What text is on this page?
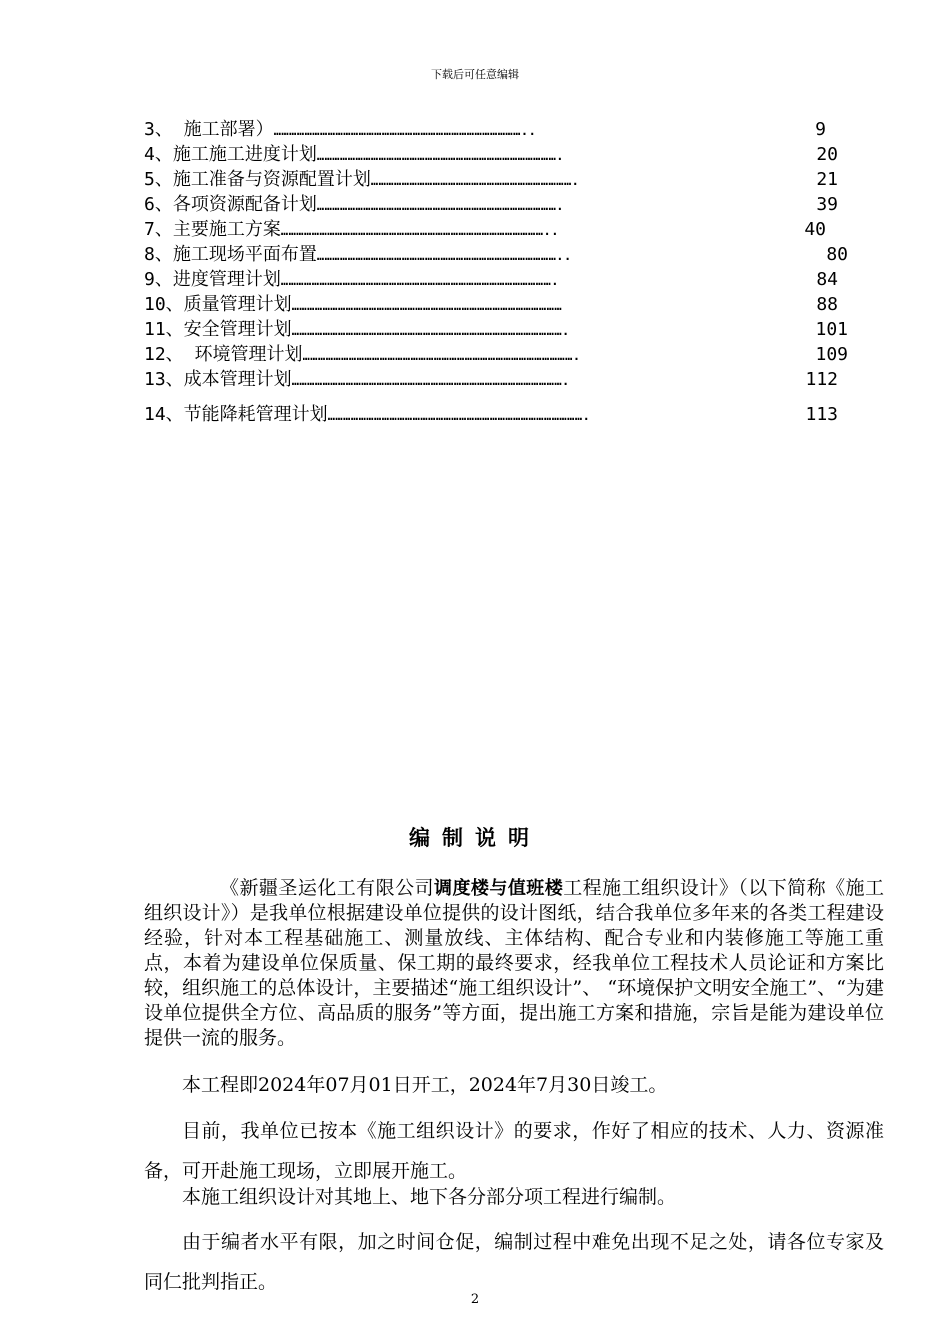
下载后可任意编辑
3、 施工部署） ……………………………………………………………………………………..	9
4、施工施工进度计划 ………………………………………………………………………………….	20
5、施工准备与资源配置计划 …………………………………………………………………….	21
6、各项资源配备计划 ………………………………………………………………………………….	39
7、主要施工方案 …………………………………………………………………………………………..	40
8、施工现场平面布置 …………………………………………………………………………………..	80
9、进度管理计划 …………………………………………………………………………………………….	84
10、质量管理计划 ……………………………………………………………………………………………	88
11、安全管理计划 …………………………………………………………………………………………….	101
12、 环境管理计划 …………………………………………………………………………………………….	109
13、成本管理计划 …………………………………………………………………………………………….	112
14、节能降耗管理计划 ……………………………………………………………………………………….	113
编制说明
《新疆圣运化工有限公司调度楼与值班楼工程施工组织设计》（以下简称《施工组织设计》）是我单位根据建设单位提供的设计图纸，结合我单位多年来的各类工程建设经验，针对本工程基础施工、测量放线、主体结构、配合专业和内装修施工等施工重点，本着为建设单位保质量、保工期的最终要求，经我单位工程技术人员论证和方案比较，组织施工的总体设计，主要描述“施工组织设计”、 “环境保护文明安全施工”、“为建设单位提供全方位、高品质的服务”等方面，提出施工方案和措施，宗旨是能为建设单位提供一流的服务。
本工程即2024年07月01日开工，2024年7月30日竣工。
目前，我单位已按本《施工组织设计》的要求，作好了相应的技术、人力、资源准备，可开赴施工现场，立即展开施工。
本施工组织设计对其地上、地下各分部分项工程进行编制。
由于编者水平有限，加之时间仓促，编制过程中难免出现不足之处，请各位专家及同仁批判指正。
2
